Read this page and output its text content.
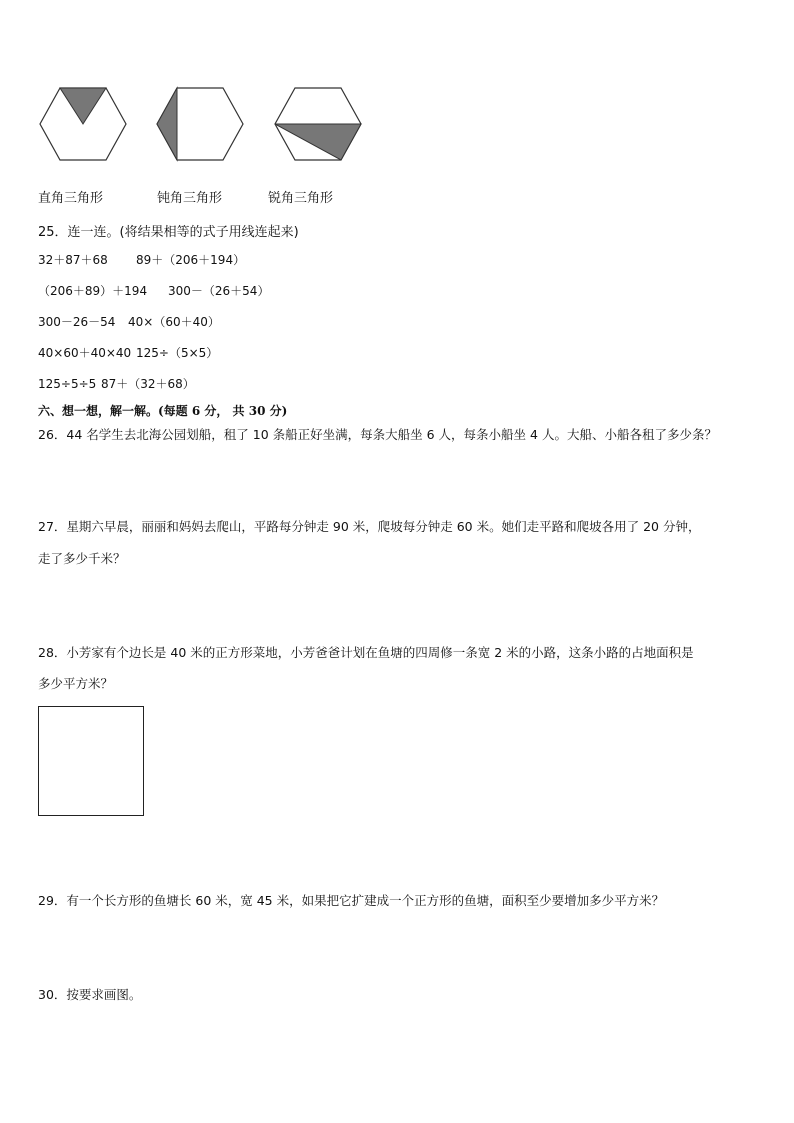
直角三角形	钝角三角形	锐角三角形
25．连一连。(将结果相等的式子用线连起来)
32＋87＋68 89＋（206＋194）
（206＋89）＋194 300－（26＋54）
300－26－54 40×（60＋40）
40×60＋40×40 125÷（5×5）
125÷5÷5 87＋（32＋68）
六、想一想，解一解。(每题 6 分， 共 30 分)
26．44 名学生去北海公园划船，租了 10 条船正好坐满，每条大船坐 6 人，每条小船坐 4 人。大船、小船各租了多少条？
27．星期六早晨，丽丽和妈妈去爬山，平路每分钟走 90 米，爬坡每分钟走 60 米。她们走平路和爬坡各用了 20 分钟，
走了多少千米？
28．小芳家有个边长是 40 米的正方形菜地，小芳爸爸计划在鱼塘的四周修一条宽 2 米的小路，这条小路的占地面积是
多少平方米？
29．有一个长方形的鱼塘长 60 米，宽 45 米，如果把它扩建成一个正方形的鱼塘，面积至少要增加多少平方米？
30．按要求画图。
